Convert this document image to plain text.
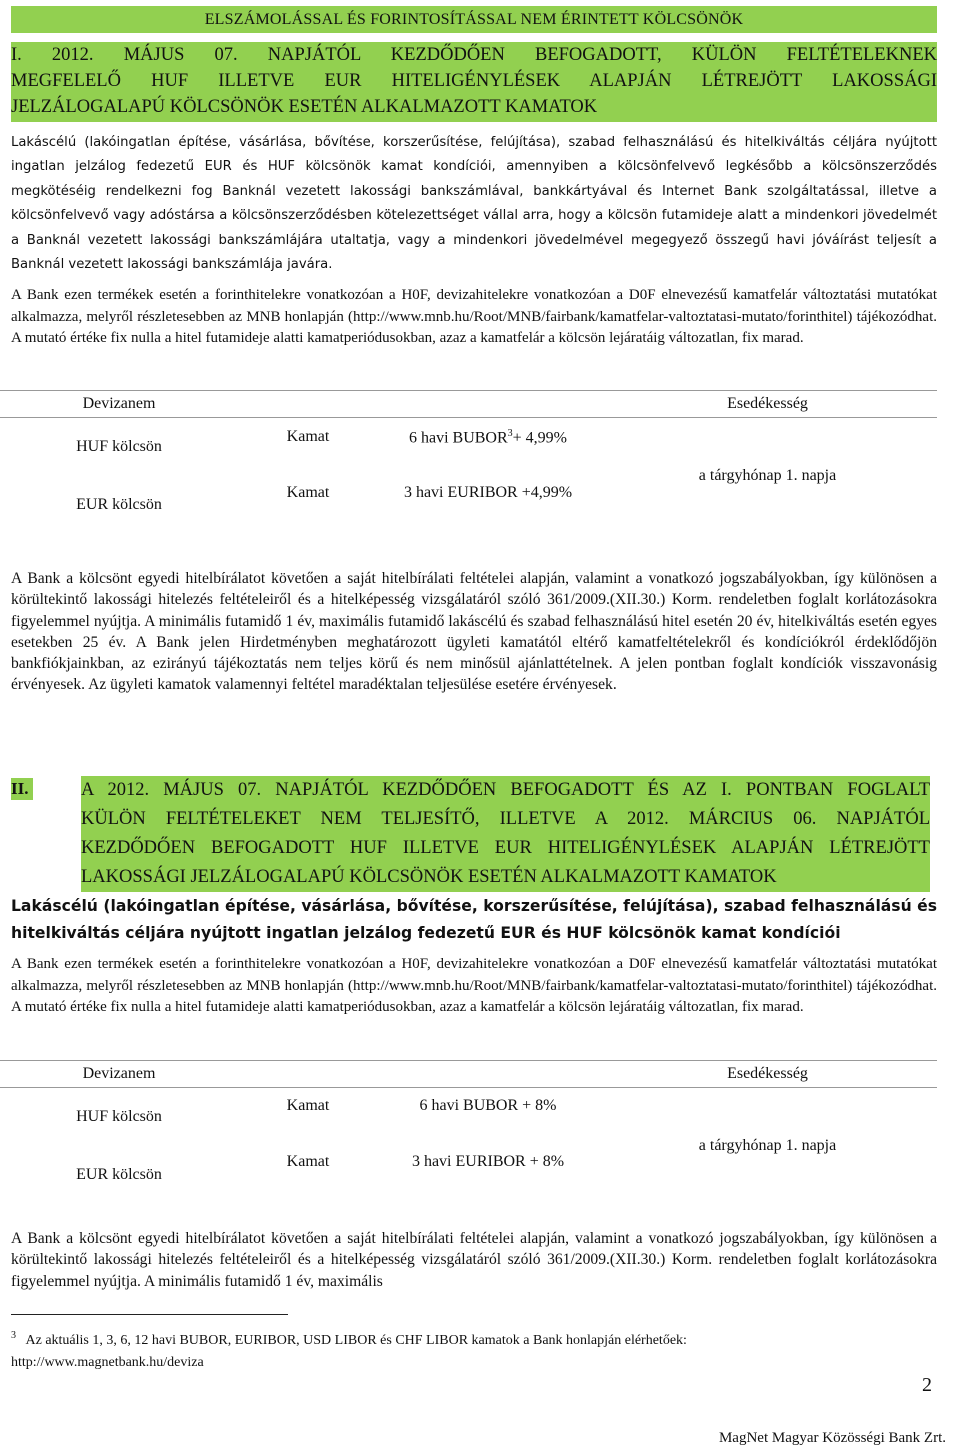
ELSZÁMOLÁSSAL ÉS FORINTOSÍTÁSSAL NEM ÉRINTETT KÖLCSÖNÖK
I. 2012. MÁJUS 07. NAPJÁTÓL KEZDŐDŐEN BEFOGADOTT, KÜLÖN FELTÉTELEKNEK
MEGFELELŐ HUF ILLETVE EUR HITELIGÉNYLÉSEK ALAPJÁN LÉTREJÖTT LAKOSSÁGI
JELZÁLOGALAPÚ KÖLCSÖNÖK ESETÉN ALKALMAZOTT KAMATOK
Lakáscélú (lakóingatlan építése, vásárlása, bővítése, korszerűsítése, felújítása), szabad felhasználású és hitelkiváltás céljára nyújtott ingatlan jelzálog fedezetű EUR és HUF kölcsönök kamat kondíciói, amennyiben a kölcsönfelvevő legkésőbb a kölcsönszerződés megkötéséig rendelkezni fog Banknál vezetett lakossági bankszámlával, bankkártyával és Internet Bank szolgáltatással, illetve a kölcsönfelvevő vagy adóstársa a kölcsönszerződésben kötelezettséget vállal arra, hogy a kölcsön futamideje alatt a mindenkori jövedelmét a Banknál vezetett lakossági bankszámlájára utaltatja, vagy a mindenkori jövedelmével megegyező összegű havi jóváírást teljesít a Banknál vezetett lakossági bankszámlája javára.
A Bank ezen termékek esetén a forinthitelekre vonatkozóan a H0F, devizahitelekre vonatkozóan a D0F elnevezésű kamatfelár változtatási mutatókat alkalmazza, melyről részletesebben az MNB honlapján (http://www.mnb.hu/Root/MNB/fairbank/kamatfelar-valtoztatasi-mutato/forinthitel) tájékozódhat. A mutató értéke fix nulla a hitel futamideje alatti kamatperiódusokban, azaz a kamatfelár a kölcsön lejáratáig változatlan, fix marad.
Devizanem			Esedékesség
HUF kölcsön	Kamat	6 havi $BUBOR^3+ 4,99\%$	a tárgyhónap 1. napja
EUR kölcsön	Kamat	3 havi EURIBOR +4,99%	
A Bank a kölcsönt egyedi hitelbírálatot követően a saját hitelbírálati feltételei alapján, valamint a vonatkozó jogszabályokban, így különösen a körültekintő lakossági hitelezés feltételeiről és a hitelképesség vizsgálatáról szóló 361/2009.(XII.30.) Korm. rendeletben foglalt korlátozásokra figyelemmel nyújtja. A minimális futamidő 1 év, maximális futamidő lakáscélú és szabad felhasználású hitel esetén 20 év, hitelkiváltás esetén egyes esetekben 25 év. A Bank jelen Hirdetményben meghatározott ügyleti kamatától eltérő kamatfeltételekről és kondíciókról érdeklődőjön bankfiókjainkban, az ezirányú tájékoztatás nem teljes körű és nem minősül ajánlattételnek. A jelen pontban foglalt kondíciók visszavonásig érvényesek. Az ügyleti kamatok valamennyi feltétel maradéktalan teljesülése esetére érvényesek.
II.	A 2012. MÁJUS 07. NAPJÁTÓL KEZDŐDŐEN BEFOGADOTT ÉS AZ I. PONTBAN FOGLALT
KÜLÖN FELTÉTELEKET NEM TELJESÍTŐ, ILLETVE A 2012. MÁRCIUS 06. NAPJÁTÓL
KEZDŐDŐEN BEFOGADOTT HUF ILLETVE EUR HITELIGÉNYLÉSEK ALAPJÁN LÉTREJÖTT
LAKOSSÁGI JELZÁLOGALAPÚ KÖLCSÖNÖK ESETÉN ALKALMAZOTT KAMATOK
Lakáscélú (lakóingatlan építése, vásárlása, bővítése, korszerűsítése, felújítása), szabad felhasználású és
hitelkiváltás céljára nyújtott ingatlan jelzálog fedezetű EUR és HUF kölcsönök kamat kondíciói
A Bank ezen termékek esetén a forinthitelekre vonatkozóan a H0F, devizahitelekre vonatkozóan a D0F elnevezésű kamatfelár változtatási mutatókat alkalmazza, melyről részletesebben az MNB honlapján (http://www.mnb.hu/Root/MNB/fairbank/kamatfelar-valtoztatasi-mutato/forinthitel) tájékozódhat. A mutató értéke fix nulla a hitel futamideje alatti kamatperiódusokban, azaz a kamatfelár a kölcsön lejáratáig változatlan, fix marad.
Devizanem			Esedékesség
HUF kölcsön	Kamat	6 havi BUBOR + 8%	a tárgyhónap 1. napja
EUR kölcsön	Kamat	3 havi EURIBOR + 8%	
A Bank a kölcsönt egyedi hitelbírálatot követően a saját hitelbírálati feltételei alapján, valamint a vonatkozó jogszabályokban, így különösen a körültekintő lakossági hitelezés feltételeiről és a hitelképesség vizsgálatáról szóló 361/2009.(XII.30.) Korm. rendeletben foglalt korlátozásokra figyelemmel nyújtja. A minimális futamidő 1 év, maximális
$^3$ Az aktuális 1, 3, 6, 12 havi BUBOR, EURIBOR, USD LIBOR és CHF LIBOR kamatok a Bank honlapján elérhetőek:
http://www.magnetbank.hu/deviza
2
MagNet Magyar Közösségi Bank Zrt.
